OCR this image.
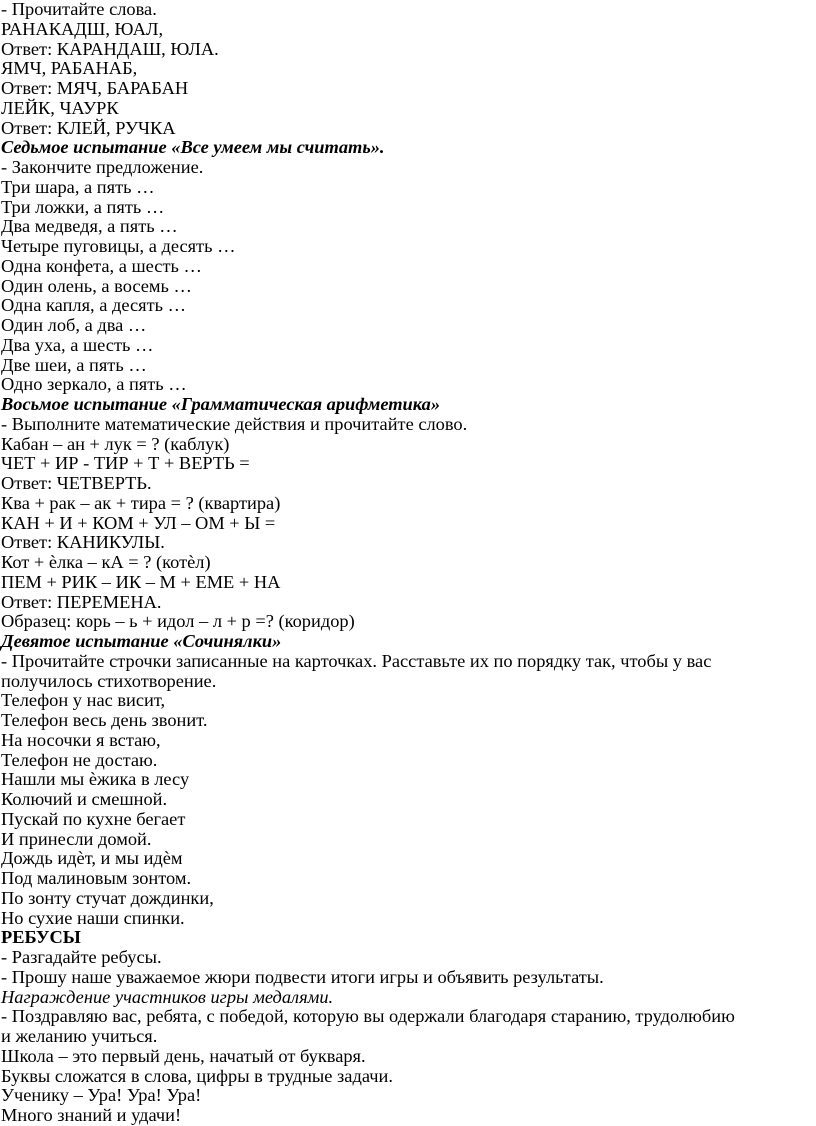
- Прочитайте слова.
РАНАКАДШ, ЮАЛ,
Ответ: КАРАНДАШ, ЮЛА.
ЯМЧ, РАБАНАБ,
Ответ: МЯЧ, БАРАБАН
ЛЕЙК, ЧАУРК
Ответ: КЛЕЙ, РУЧКА
Седьмое испытание «Все умеем мы считать».
- Закончите предложение.
Три шара, а пять …
Три ложки, а пять …
Два медведя, а пять …
Четыре пуговицы, а десять …
Одна конфета, а шесть …
Один олень, а восемь …
Одна капля, а десять …
Один лоб, а два …
Два уха, а шесть …
Две шеи, а пять …
Одно зеркало, а пять …
Восьмое испытание «Грамматическая арифметика»
- Выполните математические действия и прочитайте слово.
Кабан – ан + лук = ? (каблук)
ЧЕТ + ИР - ТИР + Т + ВЕРТЬ =
Ответ: ЧЕТВЕРТЬ.
Ква + рак – ак + тира = ? (квартира)
КАН + И + КОМ + УЛ – ОМ + Ы =
Ответ: КАНИКУЛЫ.
Кот + ѐлка – кА = ? (котѐл)
ПЕМ + РИК – ИК – М + ЕМЕ + НА
Ответ: ПЕРЕМЕНА.
Образец: корь – ь + идол – л + р =? (коридор)
Девятое испытание «Сочинялки»
- Прочитайте строчки записанные на карточках. Расставьте их по порядку так, чтобы у вас получилось стихотворение.
Телефон у нас висит,
Телефон весь день звонит.
На носочки я встаю,
Телефон не достаю.
Нашли мы ѐжика в лесу
Колючий и смешной.
Пускай по кухне бегает
И принесли домой.
Дождь идѐт, и мы идѐм
Под малиновым зонтом.
По зонту стучат дождинки,
Но сухие наши спинки.
РЕБУСЫ
- Разгадайте ребусы.
- Прошу наше уважаемое жюри подвести итоги игры и объявить результаты.
Награждение участников игры медалями.
- Поздравляю вас, ребята, с победой, которую вы одержали благодаря старанию, трудолюбию и желанию учиться.
Школа – это первый день, начатый от букваря.
Буквы сложатся в слова, цифры в трудные задачи.
Ученику – Ура! Ура! Ура!
Много знаний и удачи!
